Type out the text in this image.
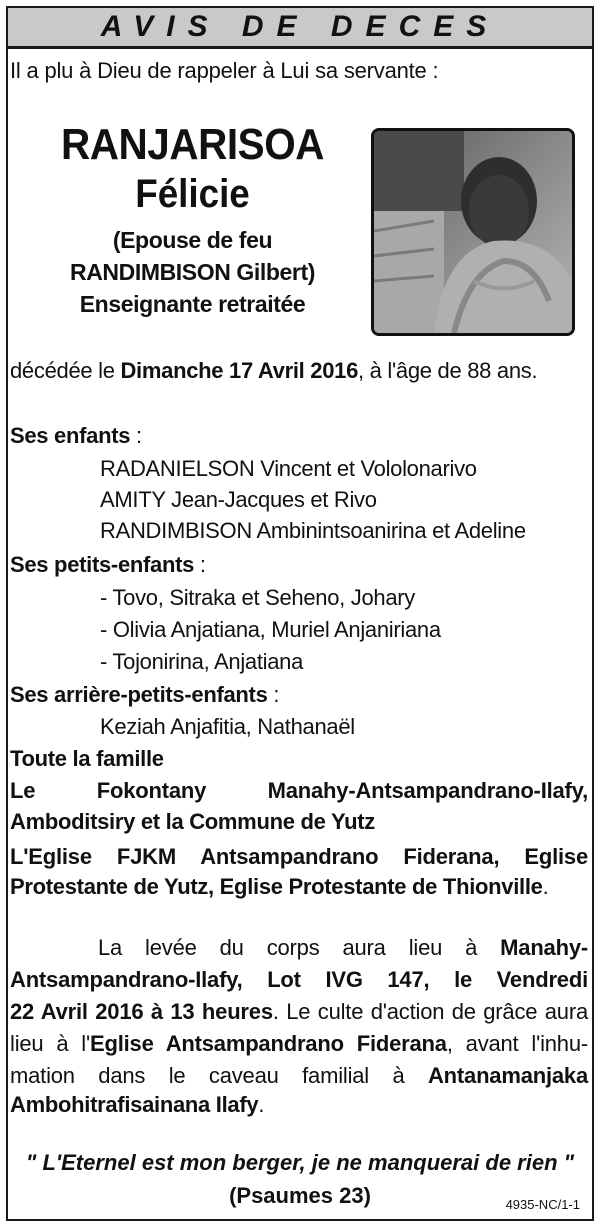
AVIS DE DECES
Il a plu à Dieu de rappeler à Lui sa servante :
RANJARISOA
Félicie
(Epouse de feu
RANDIMBISON Gilbert)
Enseignante retraitée
décédée le Dimanche 17 Avril 2016, à l'âge de 88 ans.
Ses enfants :
RADANIELSON Vincent et Vololonarivo
AMITY Jean-Jacques et Rivo
RANDIMBISON Ambinintsoanirina et Adeline
Ses petits-enfants :
- Tovo, Sitraka et Seheno, Johary
- Olivia Anjatiana, Muriel Anjaniriana
- Tojonirina, Anjatiana
Ses arrière-petits-enfants :
Keziah Anjafitia, Nathanaël
Toute la famille
Le Fokontany Manahy-Antsampandrano-Ilafy,
Amboditsiry et la Commune de Yutz
L'Eglise FJKM Antsampandrano Fiderana, Eglise
Protestante de Yutz, Eglise Protestante de Thionville.
La levée du corps aura lieu à Manahy-
Antsampandrano-Ilafy, Lot IVG 147, le Vendredi
22 Avril 2016 à 13 heures. Le culte d'action de grâce aura
lieu à l'Eglise Antsampandrano Fiderana, avant l'inhu-
mation dans le caveau familial à Antanamanjaka
Ambohitrafisainana Ilafy.
" L'Eternel est mon berger, je ne manquerai de rien "
(Psaumes 23)	4935-NC/1-1
